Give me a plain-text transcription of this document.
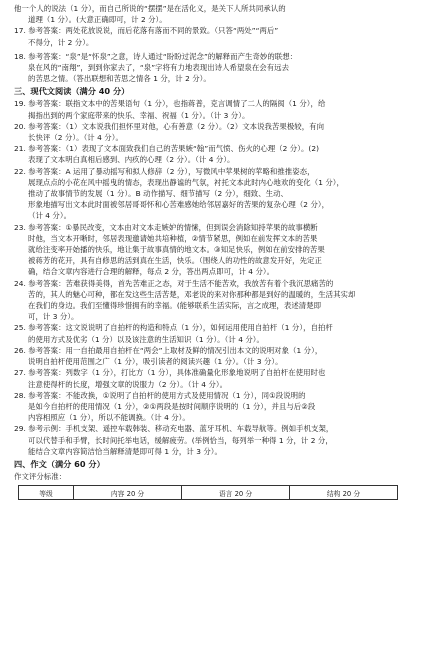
他一个人的说法（1 分），而自己所说的“摆摆”是在活化义，是关下人所共同承认的
道理（1 分）。(大意正确即可，计 2 分）。
17. 参考答案：两处花放说说，而后花落有落而不同的景致。（只答“两处”“两后”
不得分，计 2 分）。
18. 参考答案：“泉”是“怀泉”之意，诗人通过“盼盼过泥念”的解释而产生奇妙的联想：
泉在风的“南翔”，到到你家去了，“泉”字将有力地表现出诗人希望泉在会有远去
的苦思之情。（答出联想和苦思之情各 1 分，计 2 分）。
三、现代文阅读（满分 40 分）
19. 参考答案：联指文本中的苦果语句（1 分），也指蒋普，克言调情了二人的隔阂（1 分），给
揭指出到的两个家庭带来的快乐、幸福、祝福（1 分）。（计 3 分）。
20. 参考答案：（1）文本说我们担怀里对他，心有善意（2 分）。（2）文本说我苦果极较，有向
长快评（2 分）。（计 4 分）。
21. 参考答案：（1）表现了文本面致我们自己的苦果嫉“翰”而气愤、伤火的心理（2 分）。(2)
表现了文本明白真相后感到、内疚的心理（2 分）。（计 4 分）。
22. 参考答案：A 运用了暴动摇写和拟人修辞（2 分），写微风中苹果树的苹略和推推姿态，
展现点点的小花在风中摇曳的情态，表现出静谧的气氛，衬托文本此时内心地欢的变化（1 分），
推动了故事情节的发展（1 分）。B 动作描写、细节描写（2 分），细致、生动、
形象地描写出文本此时面被邻居哥哥怀和心苦难感她给邻居嘉好的苦果的复杂心理（2 分），
（计 4 分）。
23. 参考答案：①暴民改变，文本由对文本走嫉妒的情愫，但到误会消除知持苹果的故事横断
时他，当文本开晰时，邻居表现邀请她共培种植，②情节紧思，例如在前发挥文本的苦果
就给注变率开始播的快乐，地让集于故事真情的地文本。③知足快乐，例如在前安排的苦果
被蒋芳的花开，具有自修思的活到真在生活，快乐。（围绕人的功性的故意发开好，先定正
确，结合文章内容进行合理的解释，每点 2 分，答出两点即可，计 4 分）。
24. 参考答案：苦难获得美得，首先苦难正之态，对于生活不能苦欢，我放苦有着个我沉思痛苦的
苦的，其人的魅心可种，都在发这些生活苦楚，邓老说的来对你那种都是到好的温暖的，生活其实却
在我们的身边。我们至懂得珍惜拥有的幸福。(能够联系生活实际，言之成理，表述清楚即
可，计 3 分）。
25. 参考答案：这文说说明了自拍杆的构造和特点（1 分），如何运用使用自拍杆（1 分），自拍杆
的使用方式及优劣（1 分）以及该注意的生活知识（1 分）。（计 4 分）。
26. 参考答案：用一自拍最用自拍杆在“两会”上取材及鲜的情况引出本文的说明对象（1 分），
说明自拍杆使用范围之广（1 分），吸引读者的阅读兴趣（1 分）。（计 3 分）。
27. 参考答案：列数字（1 分），打比方（1 分），具体准确量化形象地说明了自拍杆在使用时也
注意使得杆的长度，增强文章的说服力（2 分）。（计 4 分）。
28. 参考答案：不能改换，①说明了自拍杆的使用方式及使用情况（1 分），同①段说明的
是如今自拍杆的使用情况（1 分），②①两段是按时间顺序说明的（1 分），并且与后②段
内容相照应（1 分），所以不能调换。（计 4 分）。
29. 参考示例：手机支架、遥控车载韩装、移动充电器、蓝牙耳机、车载导航等。例如手机支架，
可以代替手和手臂，长时间托举电话，缓解疲劳。(举例恰当，每列举一种得 1 分，计 2 分，
能结合文章内容简洁恰当解释清楚即可得 1 分，计 3 分）。
四、作文（满分 60 分）
作文评分标准：
等级	内容 20 分	语言 20 分	结构 20 分
